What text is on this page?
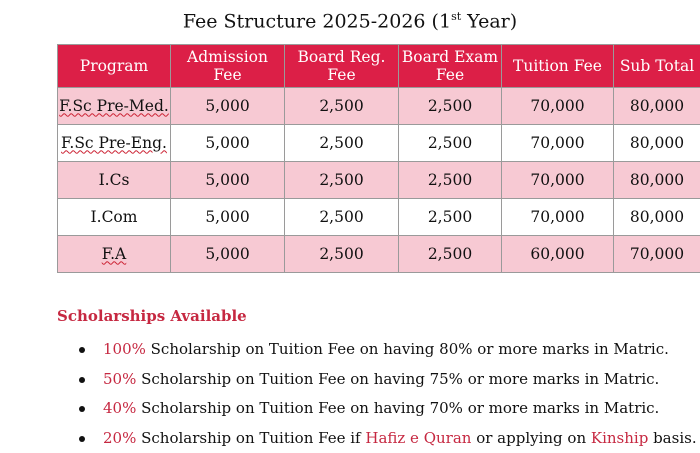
Fee Structure 2025-2026 (1st Year)
Program	Admission Fee	Board Reg. Fee	Board Exam Fee	Tuition Fee	Sub Total
F.Sc Pre-Med.	5,000	2,500	2,500	70,000	80,000
F.Sc Pre-Eng.	5,000	2,500	2,500	70,000	80,000
I.Cs	5,000	2,500	2,500	70,000	80,000
I.Com	5,000	2,500	2,500	70,000	80,000
F.A	5,000	2,500	2,500	60,000	70,000
Scholarships Available
100% Scholarship on Tuition Fee on having 80% or more marks in Matric.
50% Scholarship on Tuition Fee on having 75% or more marks in Matric.
40% Scholarship on Tuition Fee on having 70% or more marks in Matric.
20% Scholarship on Tuition Fee if Hafiz e Quran or applying on Kinship basis.
